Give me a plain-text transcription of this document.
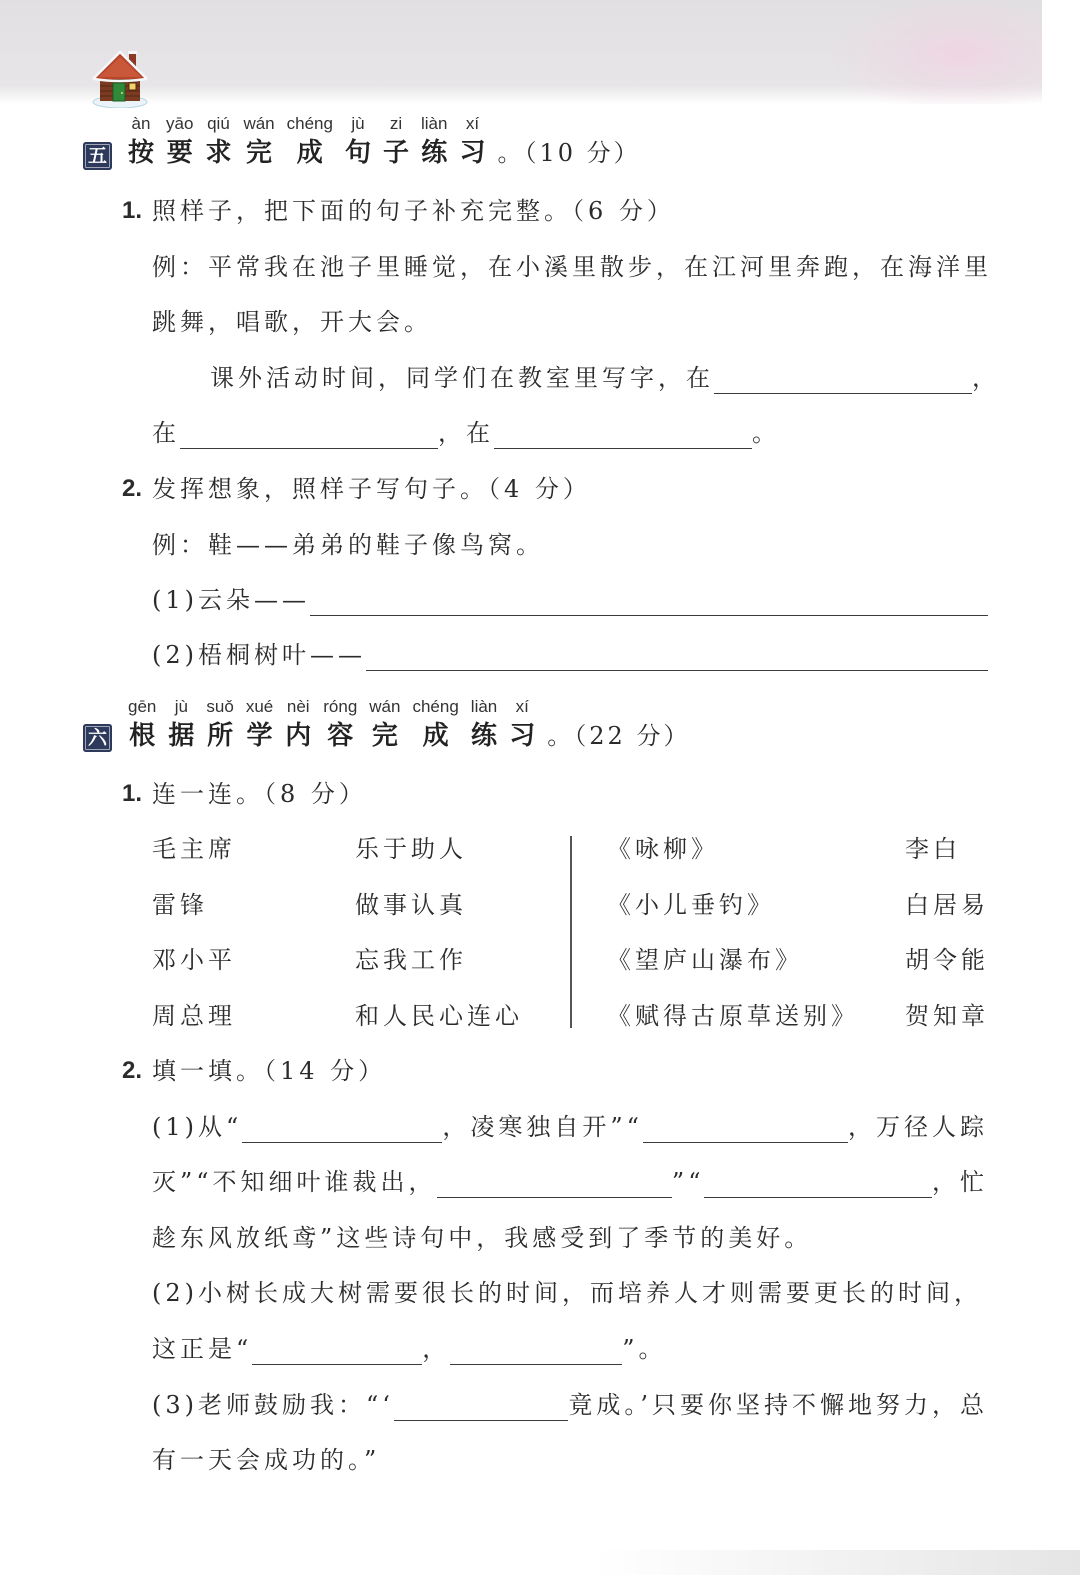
五
àn
按
yāo
要
qiú
求
wán
完
chéng
成
jù
句
zi
子
liàn
练
xí
习 。（10 分）
1. 照样子，把下面的句子补充完整。（6 分）
例：平常我在池子里睡觉，在小溪里散步，在江河里奔跑，在海洋里
跳舞，唱歌，开大会。
课外活动时间，同学们在教室里写字，在	，
在	，在	。
2. 发挥想象，照样子写句子。（4 分）
例：鞋——弟弟的鞋子像鸟窝。
(1)云朵——
(2)梧桐树叶——
六
gēn
根
jù
据
suǒ
所
xué
学
nèi
内
róng
容
wán
完
chéng
成
liàn
练
xí
习 。（22 分）
1. 连一连。（8 分）
毛主席	乐于助人	《咏柳》	李白
雷锋	做事认真	《小儿垂钓》	白居易
邓小平	忘我工作	《望庐山瀑布》	胡令能
周总理	和人民心连心	《赋得古原草送别》	贺知章
2. 填一填。（14 分）
(1)从“	，凌寒独自开”“	，万径人踪
灭”“不知细叶谁裁出，	”“	，忙
趁东风放纸鸢”这些诗句中，我感受到了季节的美好。
(2)小树长成大树需要很长的时间，而培养人才则需要更长的时间，
这正是“	，	”。
(3)老师鼓励我：“‘	竟成。’只要你坚持不懈地努力，总
有一天会成功的。”
